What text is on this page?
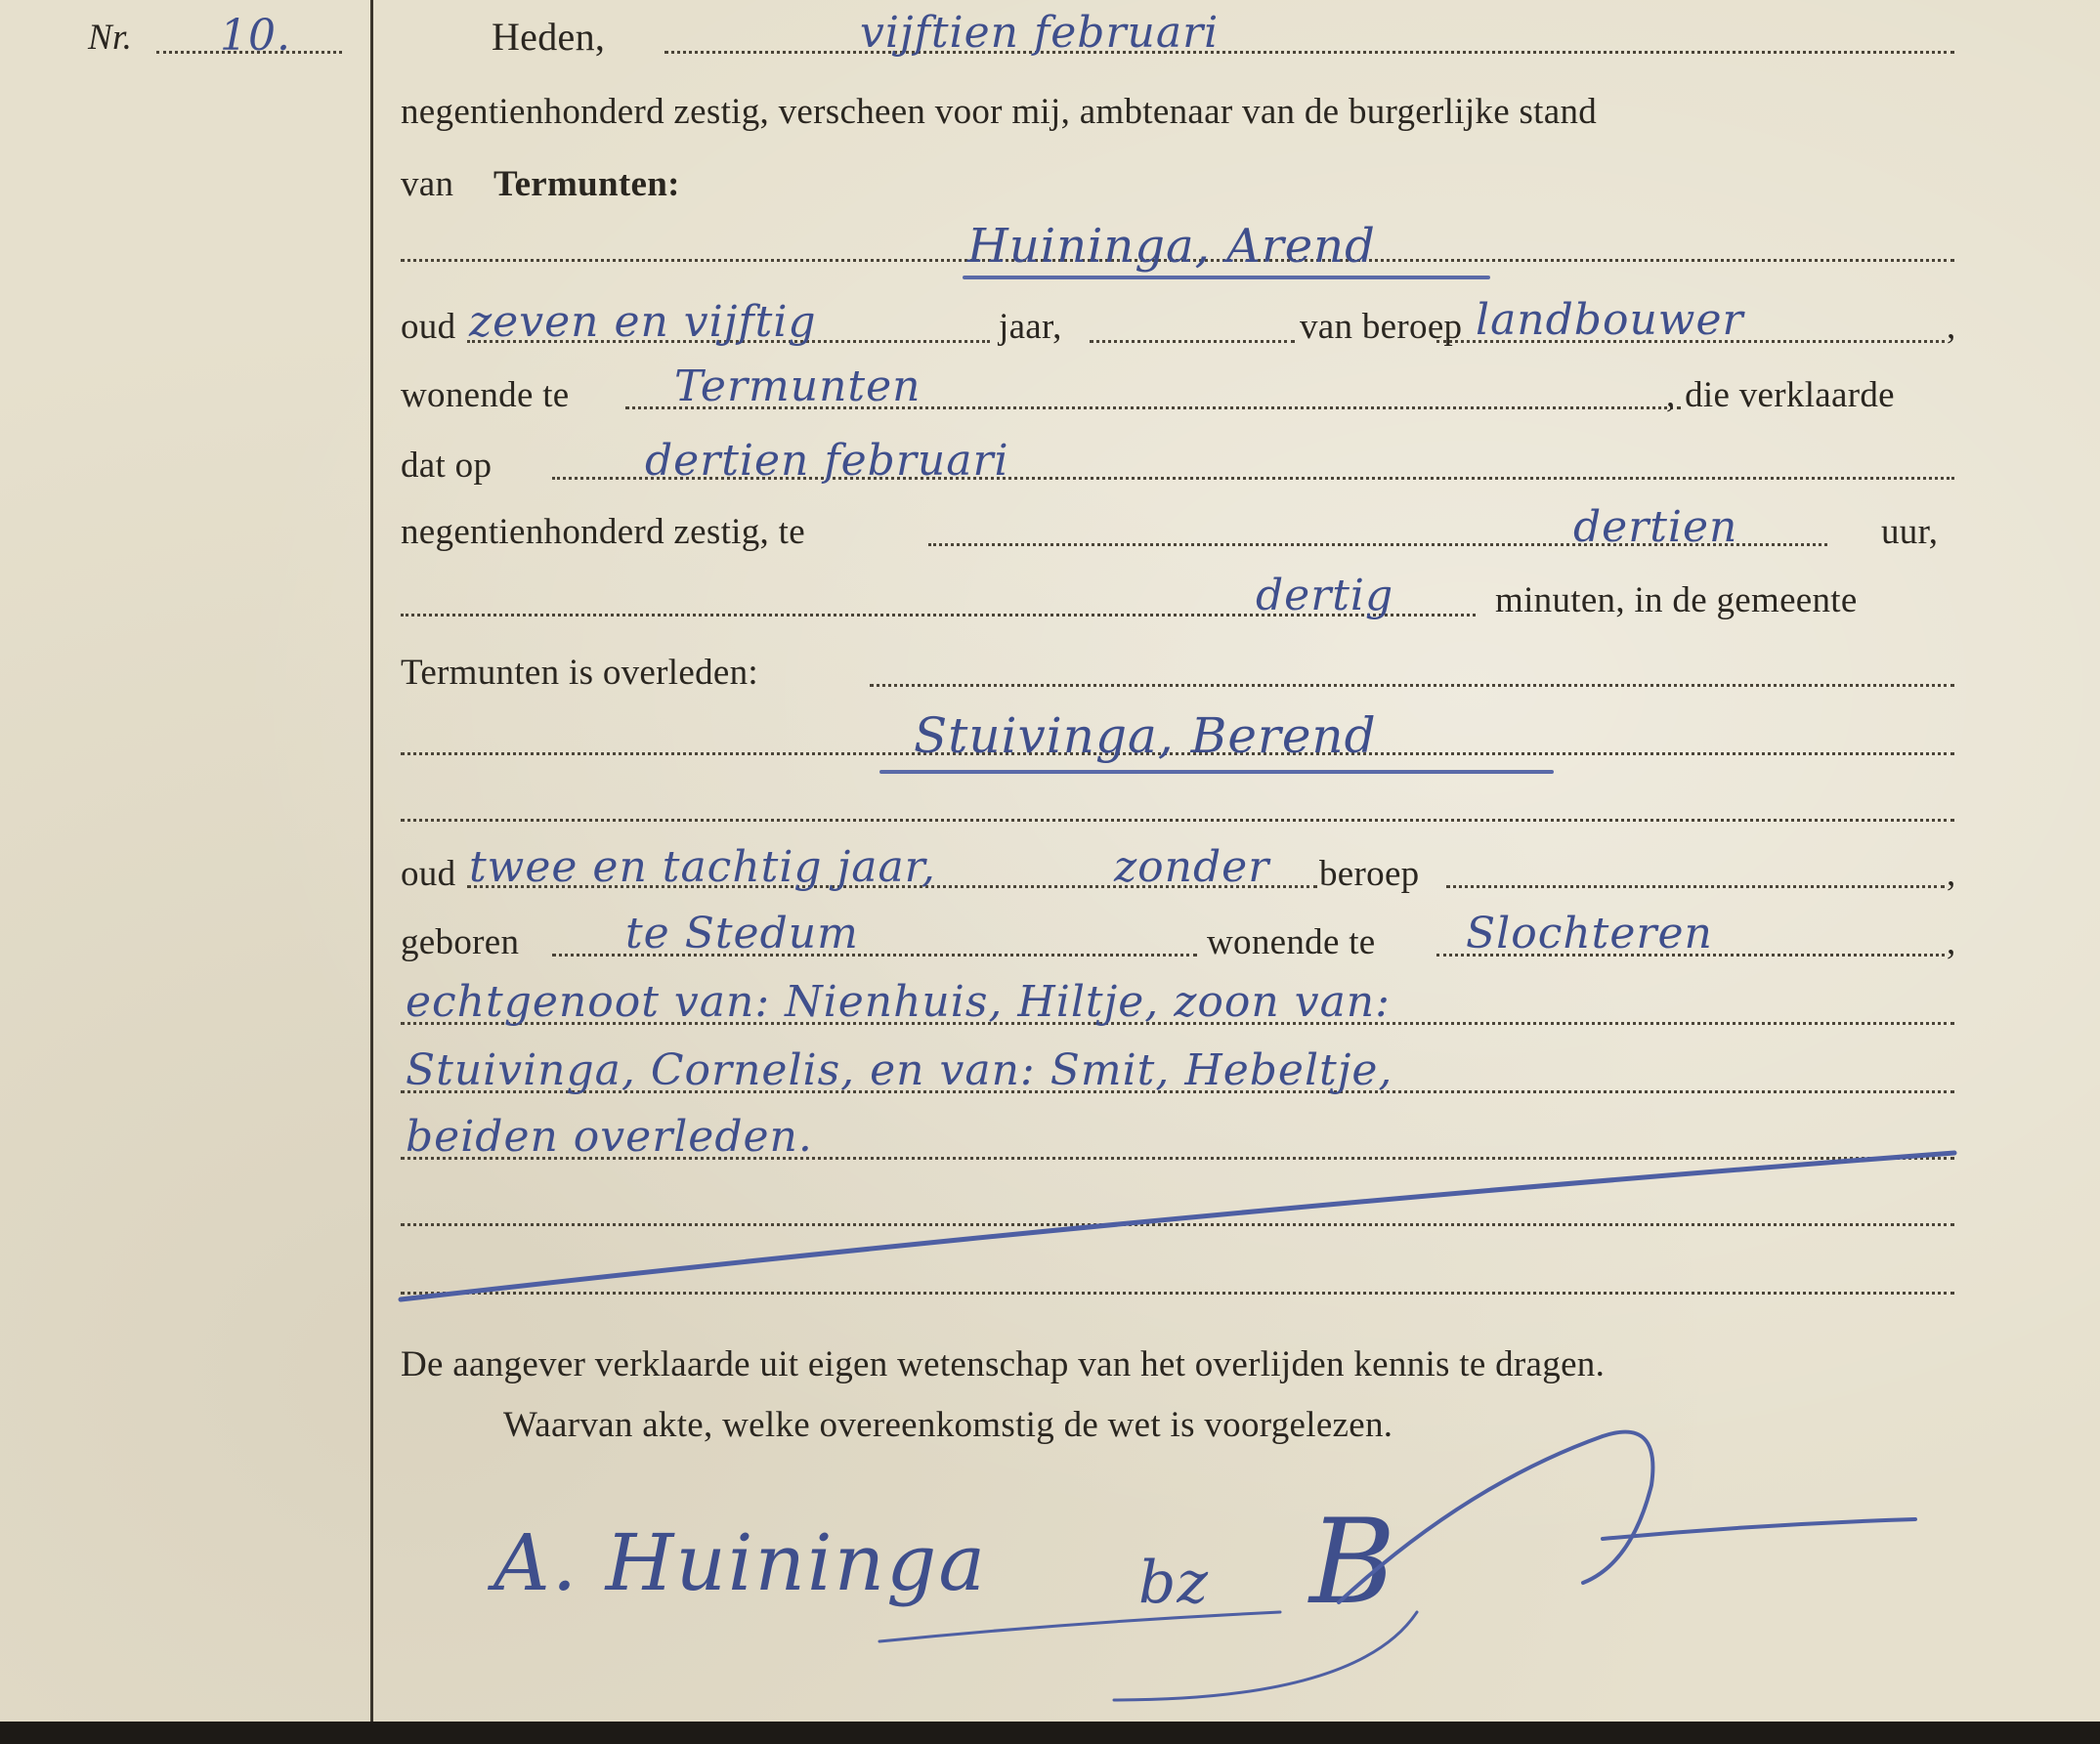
Nr. 10.	Heden,	vijftien februari
negentienhonderd zestig, verscheen voor mij, ambtenaar van de burgerlijke stand
van Termunten:
Huininga, Arend
oud zeven en vijftig	jaar,	van beroep landbouwer	,
wonende te Termunten	, die verklaarde
dat op	dertien februari
negentienhonderd zestig, te	dertien	uur,
dertig	minuten, in de gemeente
Termunten is overleden:
Stuivinga, Berend
oud twee en tachtig jaar,	zonder beroep	,
geboren te Stedum	wonende te Slochteren	,
echtgenoot van: Nienhuis, Hiltje, zoon van:
Stuivinga, Cornelis, en van: Smit, Hebeltje,
beiden overleden.
De aangever verklaarde uit eigen wetenschap van het overlijden kennis te dragen.
Waarvan akte, welke overeenkomstig de wet is voorgelezen.
A. Huininga	bz B
